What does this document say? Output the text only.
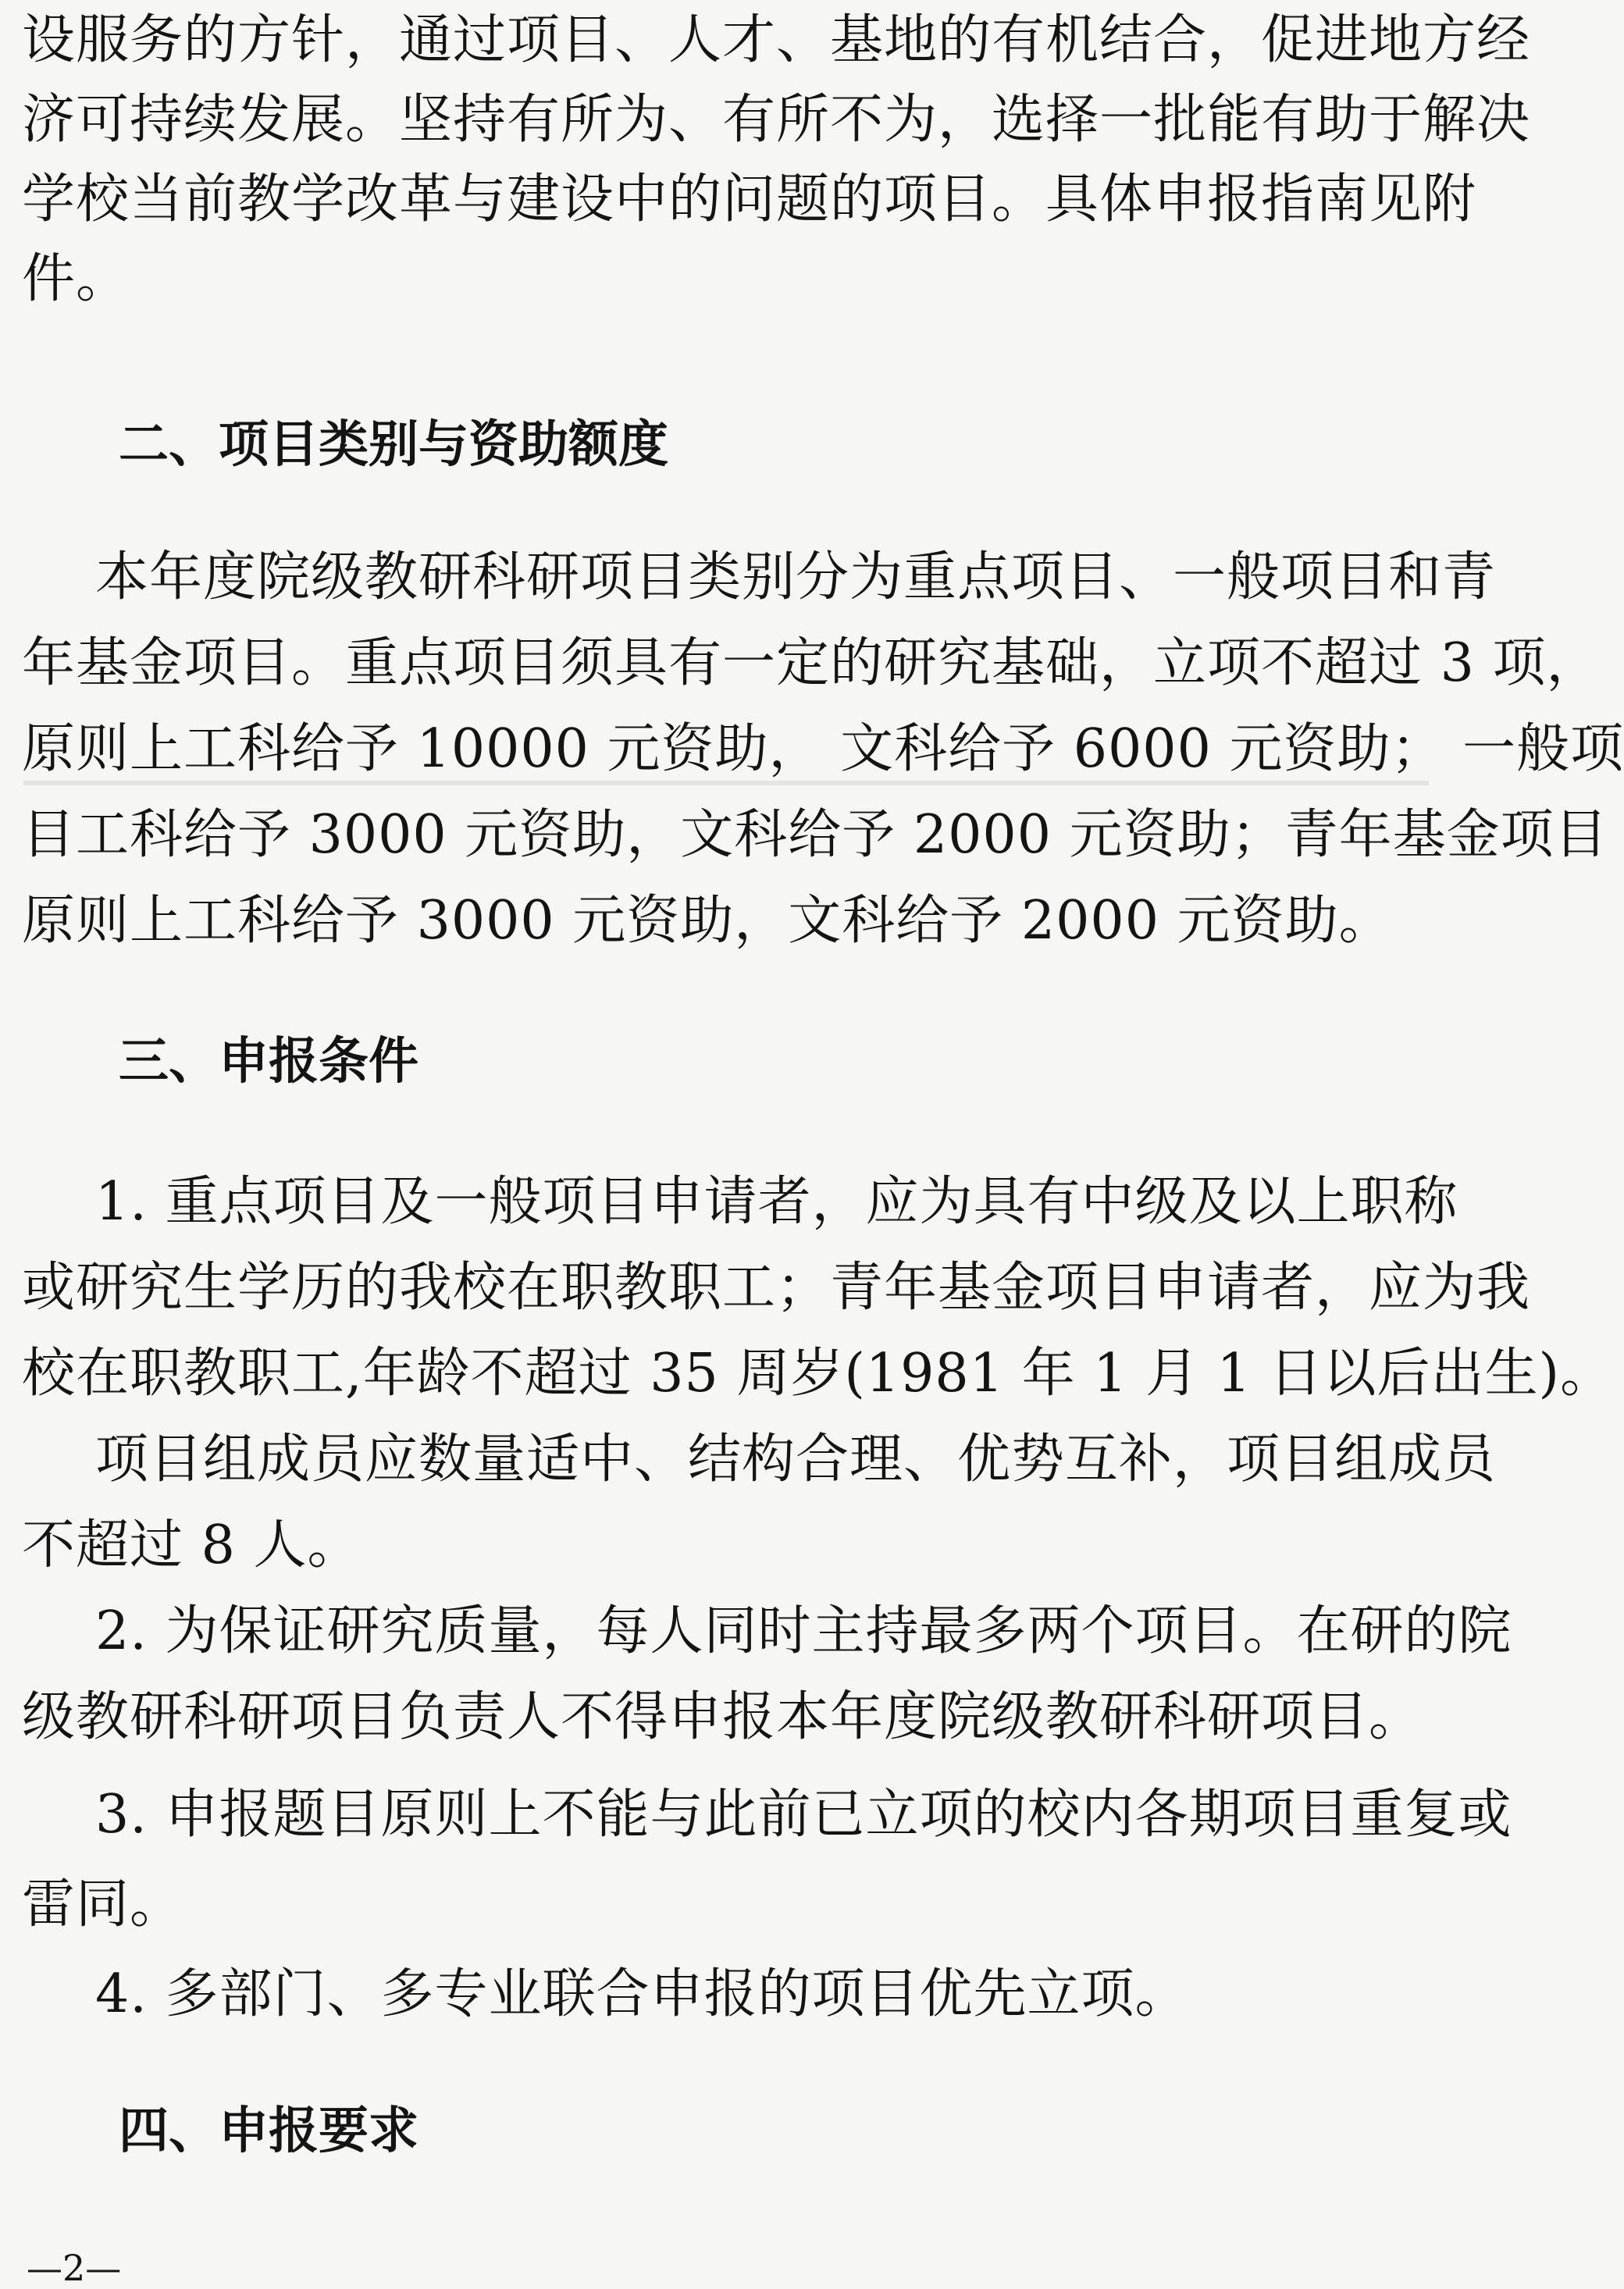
设服务的方针，通过项目、人才、基地的有机结合，促进地方经
济可持续发展。坚持有所为、有所不为，选择一批能有助于解决
学校当前教学改革与建设中的问题的项目。具体申报指南见附
件。
二、项目类别与资助额度
本年度院级教研科研项目类别分为重点项目、一般项目和青
年基金项目。重点项目须具有一定的研究基础，立项不超过 3 项，
原则上工科给予 10000 元资助， 文科给予 6000 元资助； 一般项
目工科给予 3000 元资助，文科给予 2000 元资助；青年基金项目
原则上工科给予 3000 元资助，文科给予 2000 元资助。
三、申报条件
1. 重点项目及一般项目申请者，应为具有中级及以上职称
或研究生学历的我校在职教职工；青年基金项目申请者，应为我
校在职教职工,年龄不超过 35 周岁(1981 年 1 月 1 日以后出生)。
项目组成员应数量适中、结构合理、优势互补，项目组成员
不超过 8 人。
2. 为保证研究质量，每人同时主持最多两个项目。在研的院
级教研科研项目负责人不得申报本年度院级教研科研项目。
3. 申报题目原则上不能与此前已立项的校内各期项目重复或
雷同。
4. 多部门、多专业联合申报的项目优先立项。
四、申报要求
—2—
